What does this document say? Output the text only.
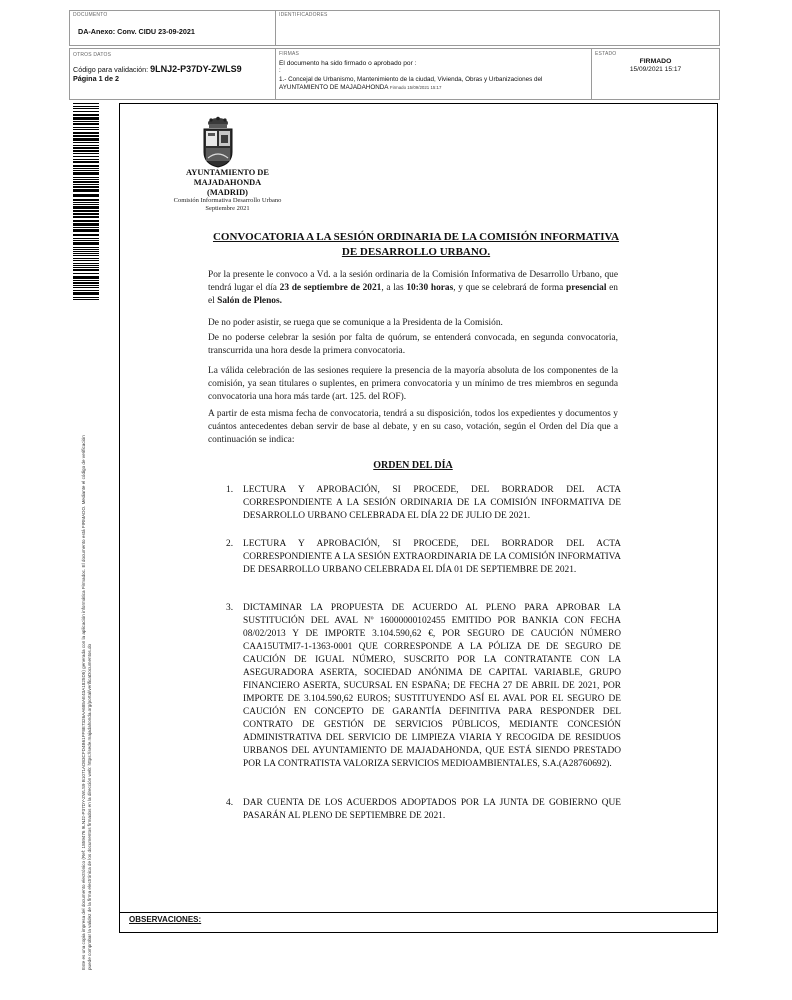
DOCUMENTO
DA-Anexo: Conv. CIDU 23-09-2021
IDENTIFICADORES
OTROS DATOS
Código para validación: 9LNJ2-P37DY-ZWLS9
Página 1 de 2
FIRMAS
El documento ha sido firmado o aprobado por :
:
1.- Concejal de Urbanismo, Mantenimiento de la ciudad, Vivienda, Obras y Urbanizaciones del
AYUNTAMIENTO DE MAJADAHONDA Firmado 15/09/2021 15:17
ESTADO
FIRMADO
15/09/2021 15:17
Este es una copia impresa del documento electrónico (Ref: 1859476 9LNJ2-P37DY-ZWLS9 B1071AD83CFD4B61FF8E7326AA685AE43A1825D5) generada con la aplicación informática Firmadoc. El documento está FIRMADO. Mediante el código de verificación puede comprobar la validez de la firma electrónica de los documentos firmados en la dirección web: https://sede.majadahonda.org/portal/verificaDocumentos.do	OBSERVACIONES:
AYUNTAMIENTO DE
MAJADAHONDA
(MADRID)
Comisión Informativa Desarrollo Urbano
Septiembre 2021
CONVOCATORIA A LA SESIÓN ORDINARIA DE LA COMISIÓN INFORMATIVA
DE DESARROLLO URBANO.
Por la presente le convoco a Vd. a la sesión ordinaria de la Comisión Informativa de Desarrollo Urbano, que tendrá lugar el día 23 de septiembre de 2021, a las 10:30 horas, y que se celebrará de forma presencial en el Salón de Plenos.
De no poder asistir, se ruega que se comunique a la Presidenta de la Comisión.
De no poderse celebrar la sesión por falta de quórum, se entenderá convocada, en segunda convocatoria, transcurrida una hora desde la primera convocatoria.
La válida celebración de las sesiones requiere la presencia de la mayoría absoluta de los componentes de la comisión, ya sean titulares o suplentes, en primera convocatoria y un mínimo de tres miembros en segunda convocatoria una hora más tarde (art. 125. del ROF).
A partir de esta misma fecha de convocatoria, tendrá a su disposición, todos los expedientes y documentos y cuántos antecedentes deban servir de base al debate, y en su caso, votación, según el Orden del Día que a continuación se indica:
ORDEN DEL DÍA
1. LECTURA Y APROBACIÓN, SI PROCEDE, DEL BORRADOR DEL ACTA CORRESPONDIENTE A LA SESIÓN ORDINARIA DE LA COMISIÓN INFORMATIVA DE DESARROLLO URBANO CELEBRADA EL DÍA 22 DE JULIO DE 2021.
2. LECTURA Y APROBACIÓN, SI PROCEDE, DEL BORRADOR DEL ACTA CORRESPONDIENTE A LA SESIÓN EXTRAORDINARIA DE LA COMISIÓN INFORMATIVA DE DESARROLLO URBANO CELEBRADA EL DÍA 01 DE SEPTIEMBRE DE 2021.
3. DICTAMINAR LA PROPUESTA DE ACUERDO AL PLENO PARA APROBAR LA SUSTITUCIÓN DEL AVAL Nº 16000000102455 EMITIDO POR BANKIA CON FECHA 08/02/2013 Y DE IMPORTE 3.104.590,62 €, POR SEGURO DE CAUCIÓN NÚMERO CAA15UTMI7-1-1363-0001 QUE CORRESPONDE A LA PÓLIZA DE DE SEGURO DE CAUCIÓN DE IGUAL NÚMERO, SUSCRITO POR LA CONTRATANTE CON LA ASEGURADORA ASERTA, SOCIEDAD ANÓNIMA DE CAPITAL VARIABLE, GRUPO FINANCIERO ASERTA, SUCURSAL EN ESPAÑA; DE FECHA 27 DE ABRIL DE 2021, POR IMPORTE DE 3.104.590,62 EUROS; SUSTITUYENDO ASÍ EL AVAL POR EL SEGURO DE CAUCIÓN EN CONCEPTO DE GARANTÍA DEFINITIVA PARA RESPONDER DEL CONTRATO DE GESTIÓN DE SERVICIOS PÚBLICOS, MEDIANTE CONCESIÓN ADMINISTRATIVA DEL SERVICIO DE LIMPIEZA VIARIA Y RECOGIDA DE RESIDUOS URBANOS DEL AYUNTAMIENTO DE MAJADAHONDA, QUE ESTÁ SIENDO PRESTADO POR LA CONTRATISTA VALORIZA SERVICIOS MEDIOAMBIENTALES, S.A.(A28760692).
4. DAR CUENTA DE LOS ACUERDOS ADOPTADOS POR LA JUNTA DE GOBIERNO QUE PASARÁN AL PLENO DE SEPTIEMBRE DE 2021.
